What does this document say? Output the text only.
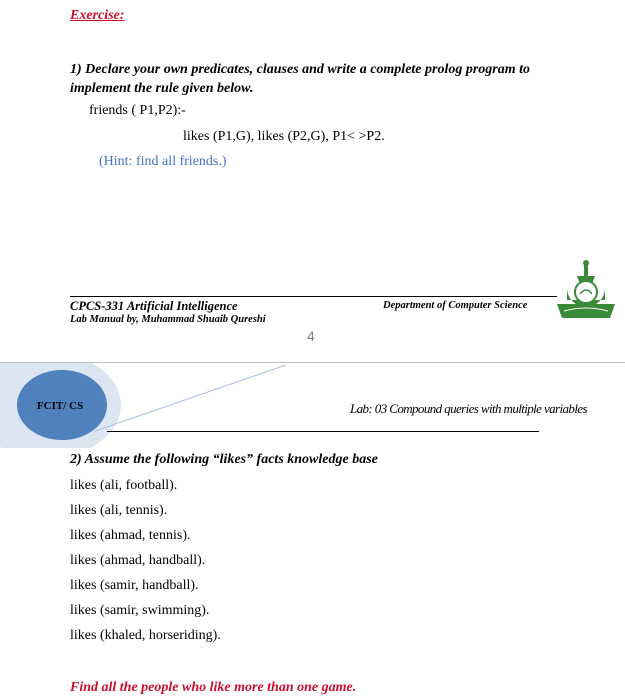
Exercise:
1) Declare your own predicates, clauses and write a complete prolog program to implement the rule given below.
friends ( P1,P2):-
likes (P1,G), likes (P2,G), P1< >P2.
(Hint: find all friends.)
CPCS-331 Artificial Intelligence
Lab Manual by, Muhammad Shuaib Qureshi
Department of Computer Science
4
FCIT/ CS	Lab: 03 Compound queries with multiple variables
2) Assume the following “likes” facts knowledge base
likes (ali, football).
likes (ali, tennis).
likes (ahmad, tennis).
likes (ahmad, handball).
likes (samir, handball).
likes (samir, swimming).
likes (khaled, horseriding).
Find all the people who like more than one game.
